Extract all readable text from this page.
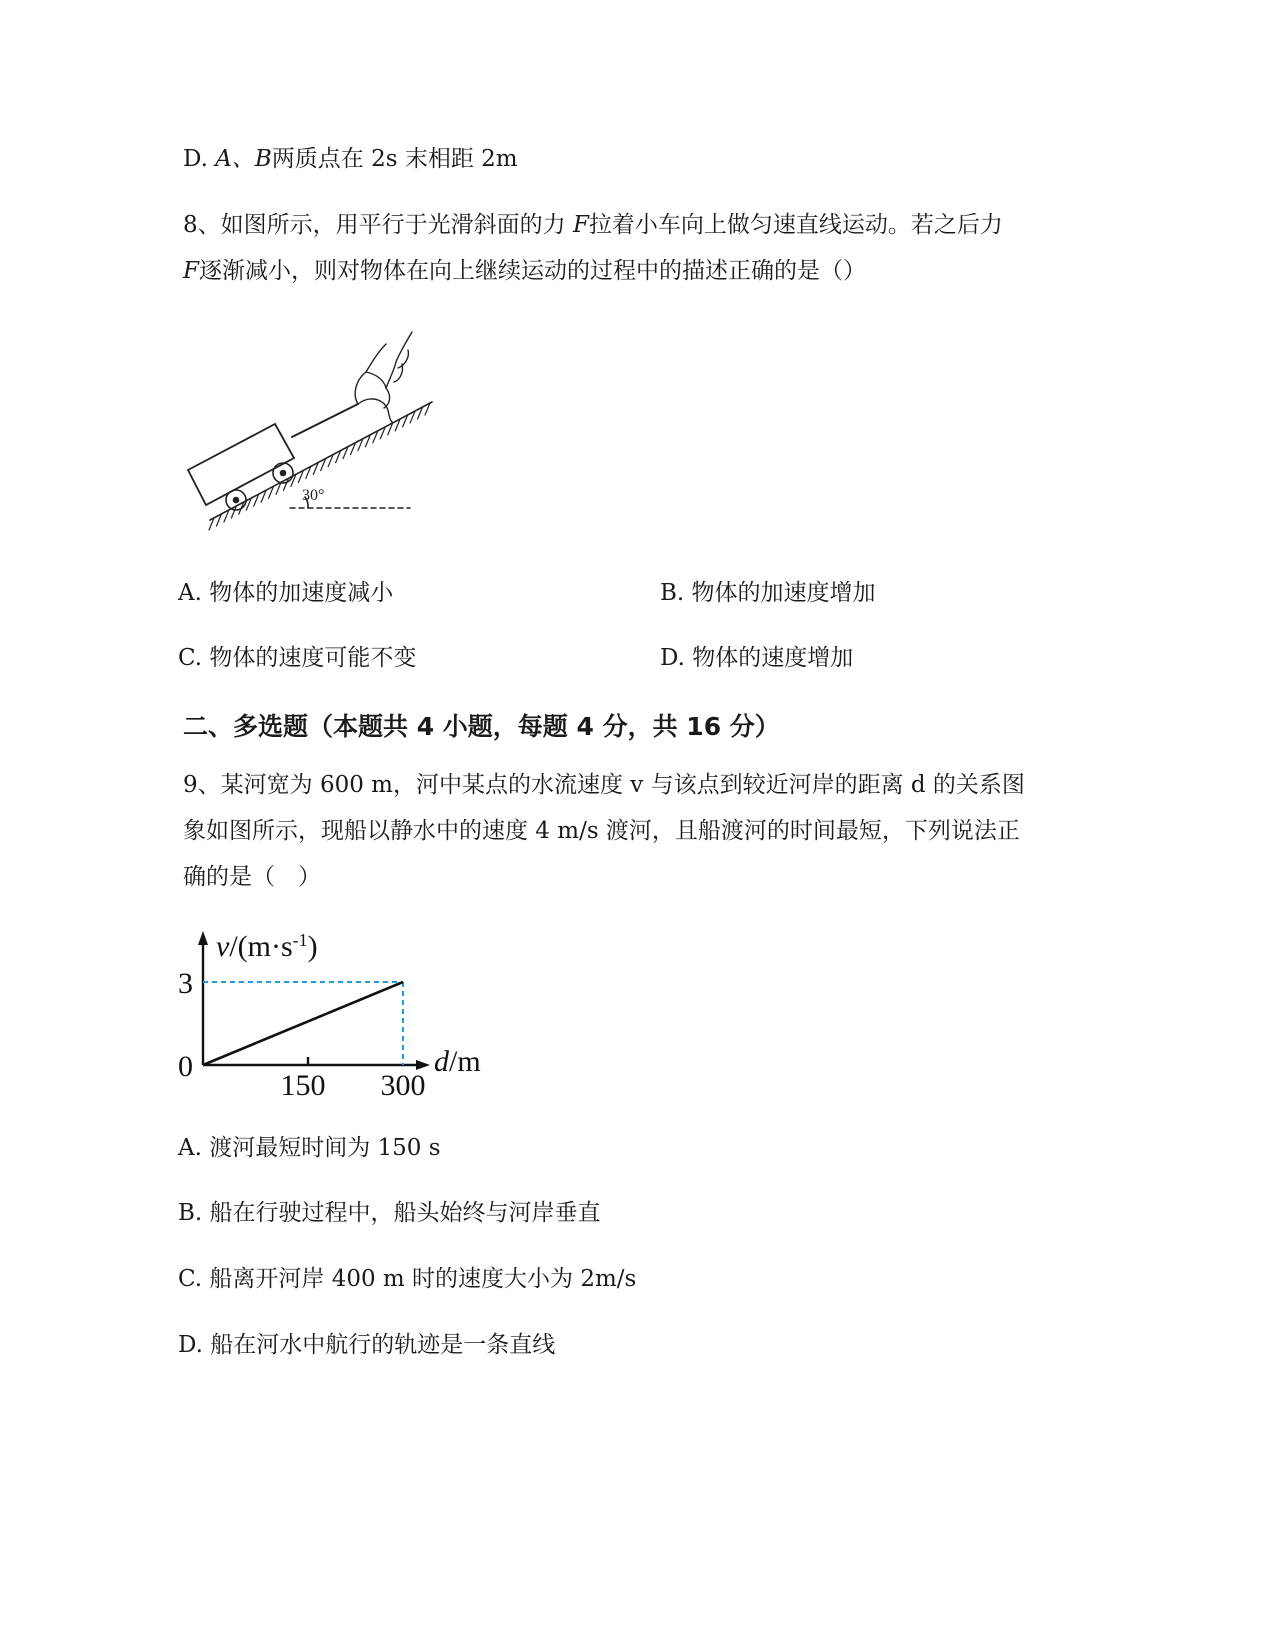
D. A、B两质点在 2s 末相距 2m
8、如图所示，用平行于光滑斜面的力 F拉着小车向上做匀速直线运动。若之后力
F逐渐减小，则对物体在向上继续运动的过程中的描述正确的是（）
30°
A. 物体的加速度减小	B. 物体的加速度增加
C. 物体的速度可能不变	D. 物体的速度增加
二、多选题（本题共 4 小题，每题 4 分，共 16 分）
9、某河宽为 600 m，河中某点的水流速度 v 与该点到较近河岸的距离 d 的关系图
象如图所示，现船以静水中的速度 4 m/s 渡河，且船渡河的时间最短，下列说法正
确的是（　）
150 300
3
$v/(m\cdot s^{-1})$
d/m
0
A. 渡河最短时间为 150 s
B. 船在行驶过程中，船头始终与河岸垂直
C. 船离开河岸 400 m 时的速度大小为 2m/s
D. 船在河水中航行的轨迹是一条直线
